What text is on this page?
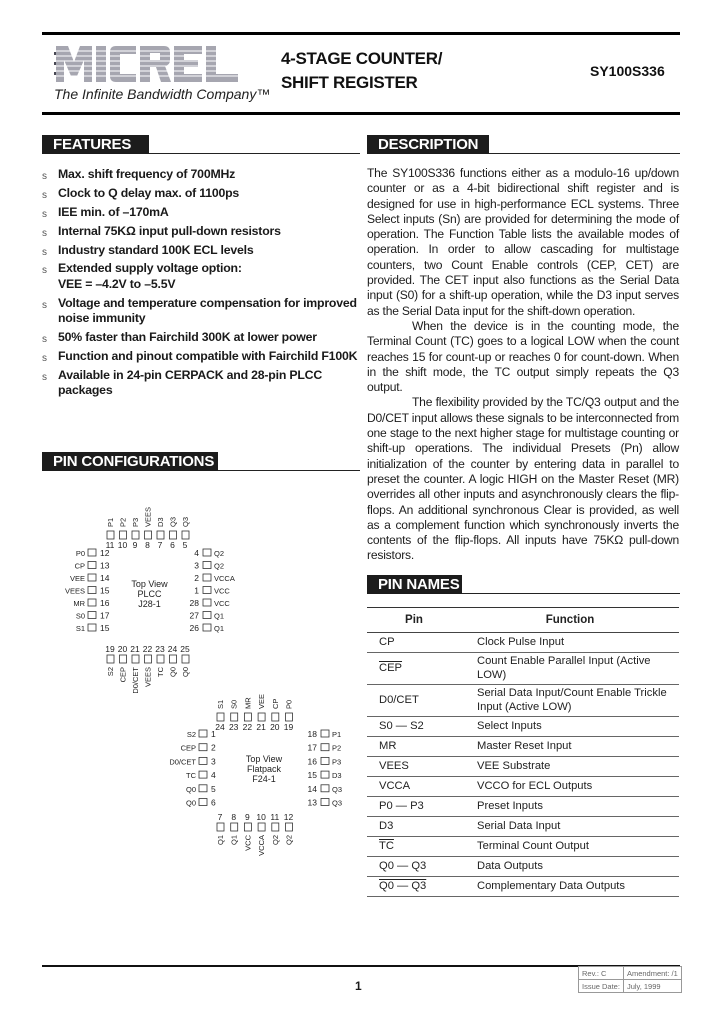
The Infinite Bandwidth Company™
4-STAGE COUNTER/
SHIFT REGISTER
SY100S336
FEATURES
s Max. shift frequency of 700MHz
s Clock to Q delay max. of 1100ps
s IEE min. of –170mA
s Internal 75KΩ input pull-down resistors
s Industry standard 100K ECL levels
s Extended supply voltage option:
VEE = –4.2V to –5.5V
s Voltage and temperature compensation for improved noise immunity
s 50% faster than Fairchild 300K at lower power
s Function and pinout compatible with Fairchild F100K
s Available in 24-pin CERPACK and 28-pin PLCC packages
DESCRIPTION

The SY100S336 functions either as a modulo-16 up/down counter or as a 4-bit bidirectional shift register and is designed for use in high-performance ECL systems. Three Select inputs (Sn) are provided for determining the mode of operation. The Function Table lists the available modes of operation. In order to allow cascading for multistage counters, two Count Enable controls (CEP, CET) are provided. The CET input also functions as the Serial Data input (S0) for a shift-up operation, while the D3 input serves as the Serial Data input for the shift-down operation.

When the device is in the counting mode, the Terminal Count (TC) goes to a logical LOW when the count reaches 15 for count-up or reaches 0 for count-down. When in the shift mode, the TC output simply repeats the Q3 output.

The flexibility provided by the TC/Q3 output and the D0/CET input allows these signals to be interconnected from one stage to the next higher stage for multistage counting or shift-up operations. The individual Presets (Pn) allow initialization of the counter by entering data in parallel to preset the counter. A logic HIGH on the Master Reset (MR) overrides all other inputs and asynchronously clears the flip-flops. An additional synchronous Clear is provided, as well as a complement function which synchronously inverts the contents of the flip-flops. All inputs have 75KΩ pull-down resistors.

PIN CONFIGURATIONS
Top View
PLCC
J28-1
11
P1
19
S2
12
P0	4 Q2
10
P2
20
CEP
13
CP	3 Q2
9
P3
21
D0/CET
14
VEE	2 VCCA
8
VEES
22
VEES
15
VEES	1 VCC
7
D3
23
TC
16
MR	28 VCC
6
Q3
24
Q0
17
S0	27 Q1
5
Q3
25
Q0
15
S1	26 Q1
Top View
Flatpack
F24-1
24
S1
7
Q1
1
S2	18 P1
23
S0
8
Q1
2
CEP	17 P2
22
MR
9
VCC
3
D0/CET	16 P3
21
VEE
10
VCCA
4
TC	15 D3
20
CP
11
Q2
5
Q0	14 Q3
19
P0
12
Q2
6
Q0	13 Q3
PIN NAMES
Pin	Function
CP	Clock Pulse Input
$\overline{CEP}$	Count Enable Parallel Input (Active LOW)
D0/CET	Serial Data Input/Count Enable Trickle Input (Active LOW)
S0 — S2	Select Inputs
MR	Master Reset Input
VEES	VEE Substrate
VCCA	VCCO for ECL Outputs
P0 — P3	Preset Inputs
D3	Serial Data Input
$\overline{TC}$	Terminal Count Output
Q0 — Q3	Data Outputs
Q0 — Q3	Complementary Data Outputs
1
Rev.: C	Amendment: /1
Issue Date:	July, 1999
